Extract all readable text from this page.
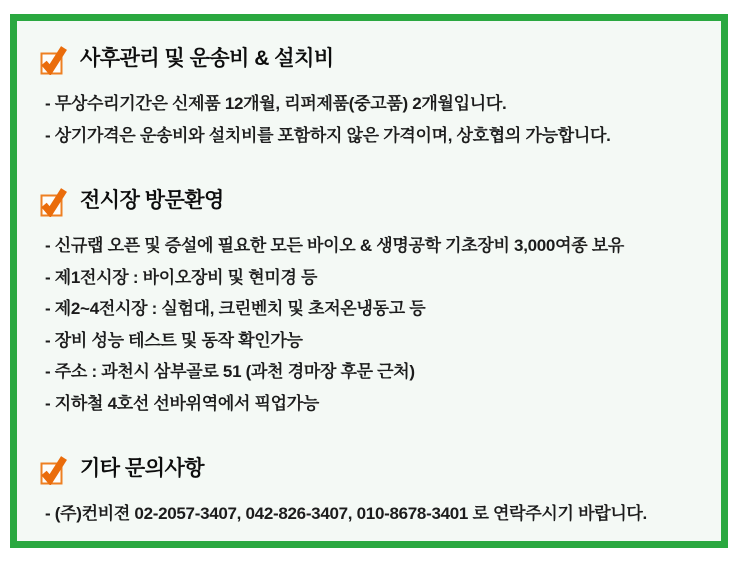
사후관리 및 운송비 & 설치비

- 무상수리기간은 신제품 12개월, 리퍼제품(중고품) 2개월입니다.

- 상기가격은 운송비와 설치비를 포함하지 않은 가격이며, 상호협의 가능합니다.

전시장 방문환영

- 신규랩 오픈 및 증설에 필요한 모든 바이오 & 생명공학 기초장비 3,000여종 보유

- 제1전시장 : 바이오장비 및 현미경 등

- 제2~4전시장 : 실험대, 크린벤치 및 초저온냉동고 등

- 장비 성능 테스트 및 동작 확인가능

- 주소 : 과천시 삼부골로 51 (과천 경마장 후문 근처)

- 지하철 4호선 선바위역에서 픽업가능

기타 문의사항

- (주)컨비젼 02-2057-3407, 042-826-3407, 010-8678-3401 로 연락주시기 바랍니다.
